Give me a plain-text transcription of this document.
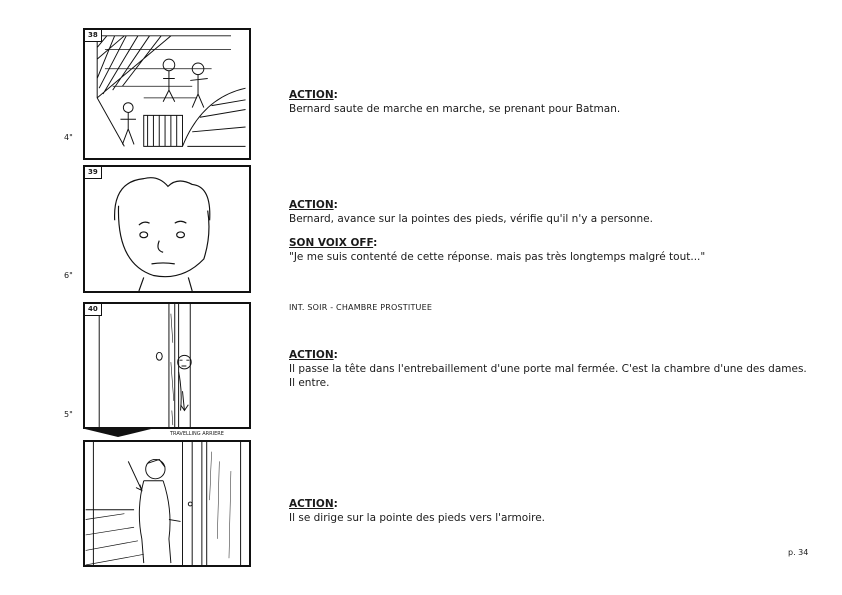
38
4"
ACTION:
Bernard saute de marche en marche, se prenant pour Batman.
39
6"
ACTION:
Bernard, avance sur la pointes des pieds, vérifie qu'il n'y a personne.
SON VOIX OFF:
"Je me suis contenté de cette réponse. mais pas très longtemps malgré tout..."
40
TRAVELLING ARRIERE
5"
INT. SOIR - CHAMBRE PROSTITUEE
ACTION:
Il passe la tête dans l'entrebaillement d'une porte mal fermée. C'est la chambre d'une des dames. Il entre.
ACTION:
Il se dirige sur la pointe des pieds vers l'armoire.
p. 34
